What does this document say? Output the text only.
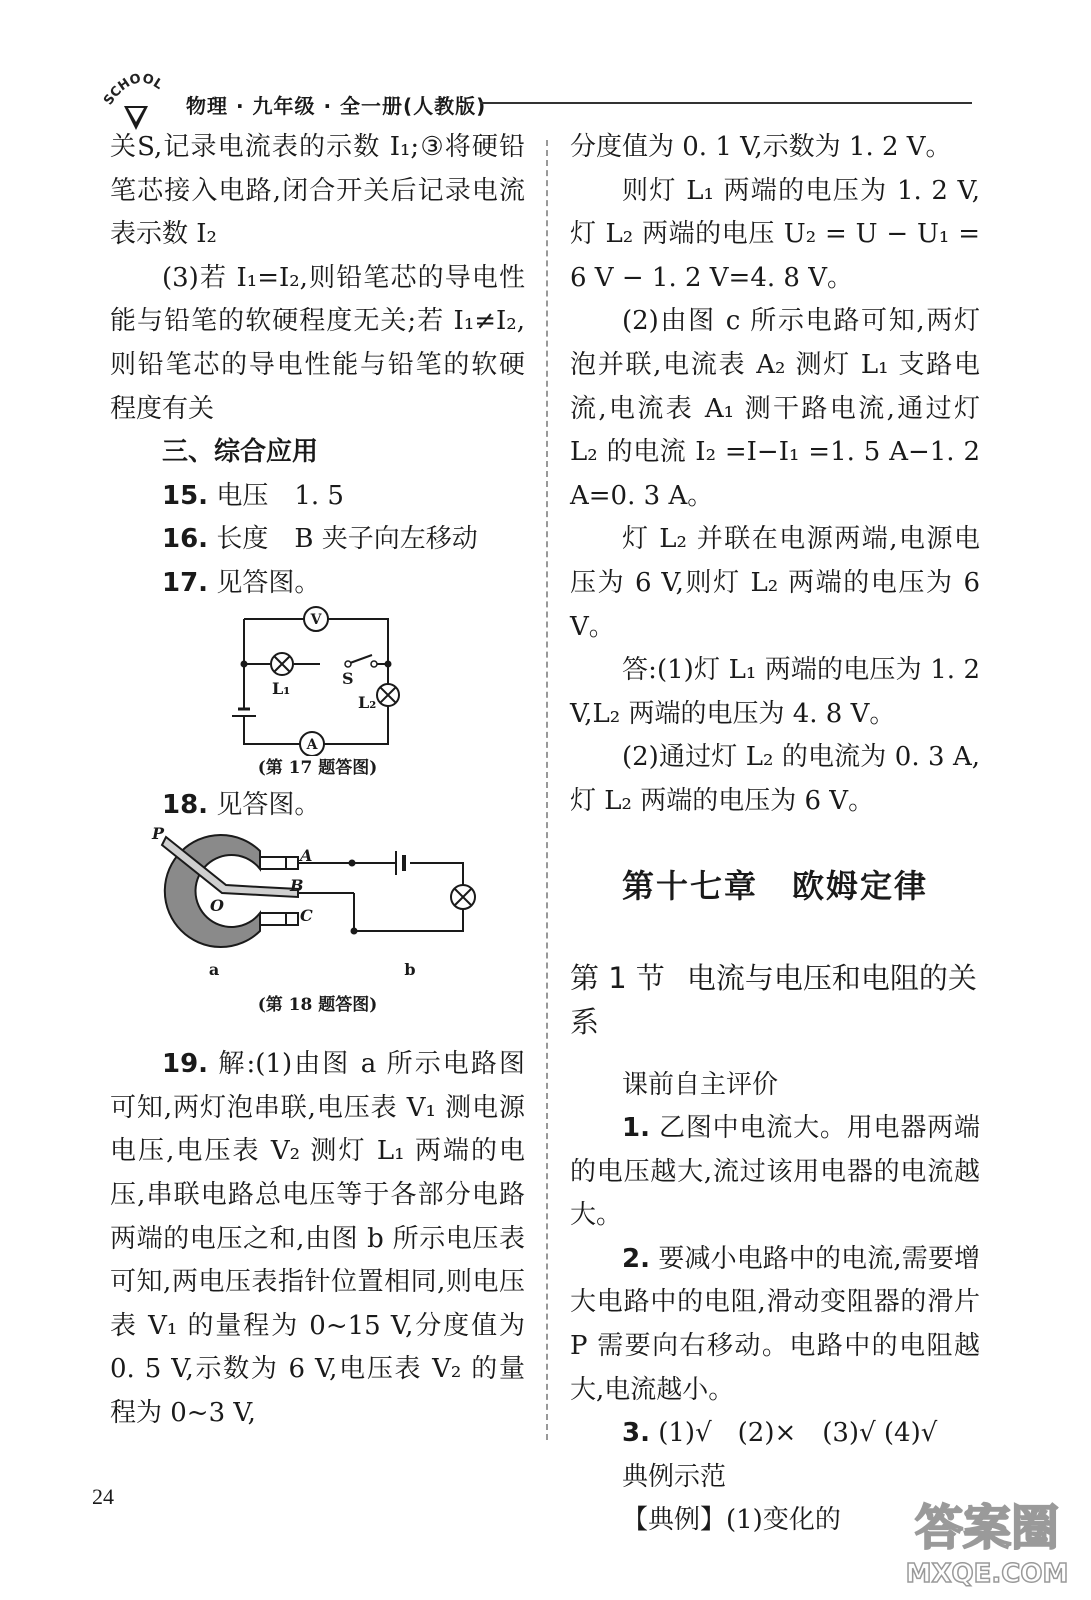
SCHOOL
物理 · 九年级 · 全一册(人教版)

关S,记录电流表的示数 I₁;③将硬铅笔芯接入电路,闭合开关后记录电流表示数 I₂

(3)若 I₁=I₂,则铅笔芯的导电性能与铅笔的软硬程度无关;若 I₁≠I₂,则铅笔芯的导电性能与铅笔的软硬程度有关

三、综合应用

15. 电压　1. 5

16. 长度　B 夹子向左移动

17. 见答图。

V
A
S
L₁
L₂
(第 17 题答图)

18. 见答图。

P
O
A
B
C
a	b
(第 18 题答图)

19. 解:(1)由图 a 所示电路图可知,两灯泡串联,电压表 V₁ 测电源电压,电压表 V₂ 测灯 L₁ 两端的电压,串联电路总电压等于各部分电路两端的电压之和,由图 b 所示电压表可知,两电压表指针位置相同,则电压表 V₁ 的量程为 0~15 V,分度值为 0. 5 V,示数为 6 V,电压表 V₂ 的量程为 0~3 V,

分度值为 0. 1 V,示数为 1. 2 V。

则灯 L₁ 两端的电压为 1. 2 V,灯 L₂ 两端的电压 U₂ = U − U₁ = 6 V − 1. 2 V=4. 8 V。

(2)由图 c 所示电路可知,两灯泡并联,电流表 A₂ 测灯 L₁ 支路电流,电流表 A₁ 测干路电流,通过灯 L₂ 的电流 I₂ =I−I₁ =1. 5 A−1. 2 A=0. 3 A。

灯 L₂ 并联在电源两端,电源电压为 6 V,则灯 L₂ 两端的电压为 6 V。

答:(1)灯 L₁ 两端的电压为 1. 2 V,L₂ 两端的电压为 4. 8 V。

(2)通过灯 L₂ 的电流为 0. 3 A,灯 L₂ 两端的电压为 6 V。

第十七章　欧姆定律
第 1 节 电流与电压和电阻的关系

课前自主评价

1. 乙图中电流大。用电器两端的电压越大,流过该用电器的电流越大。

2. 要减小电路中的电流,需要增大电路中的电阻,滑动变阻器的滑片 P 需要向右移动。电路中的电阻越大,电流越小。

3. (1)√　(2)×　(3)√ (4)√

典例示范

【典例】(1)变化的

24
答案圈
MXQE.COM
